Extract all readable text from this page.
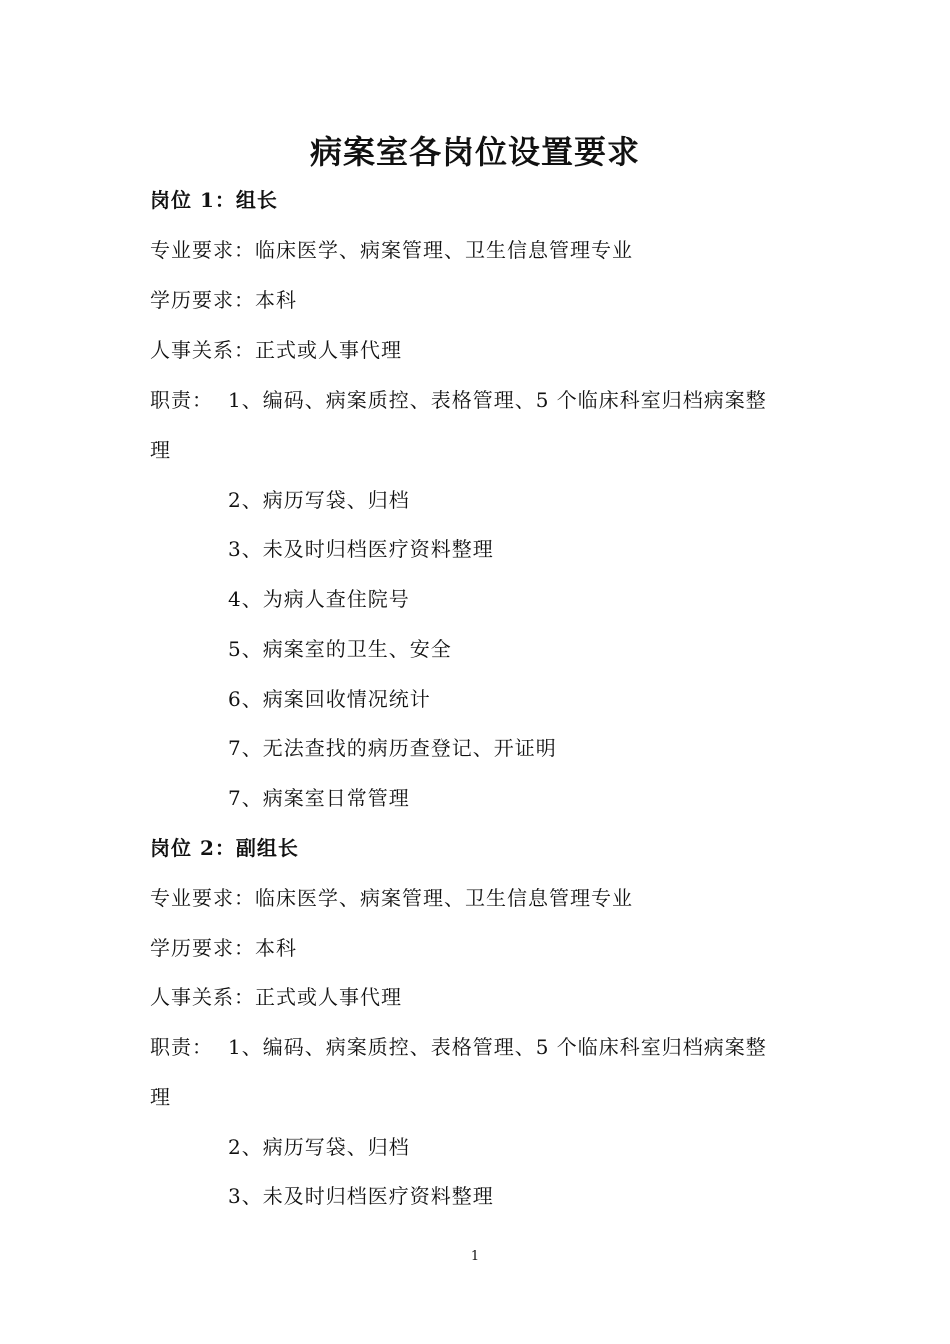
病案室各岗位设置要求
岗位 1：组长
专业要求：临床医学、病案管理、卫生信息管理专业
学历要求：本科
人事关系：正式或人事代理
职责： 1、编码、病案质控、表格管理、5 个临床科室归档病案整
理
2、病历写袋、归档
3、未及时归档医疗资料整理
4、为病人查住院号
5、病案室的卫生、安全
6、病案回收情况统计
7、无法查找的病历查登记、开证明
7、病案室日常管理
岗位 2：副组长
专业要求：临床医学、病案管理、卫生信息管理专业
学历要求：本科
人事关系：正式或人事代理
职责： 1、编码、病案质控、表格管理、5 个临床科室归档病案整
理
2、病历写袋、归档
3、未及时归档医疗资料整理
1
